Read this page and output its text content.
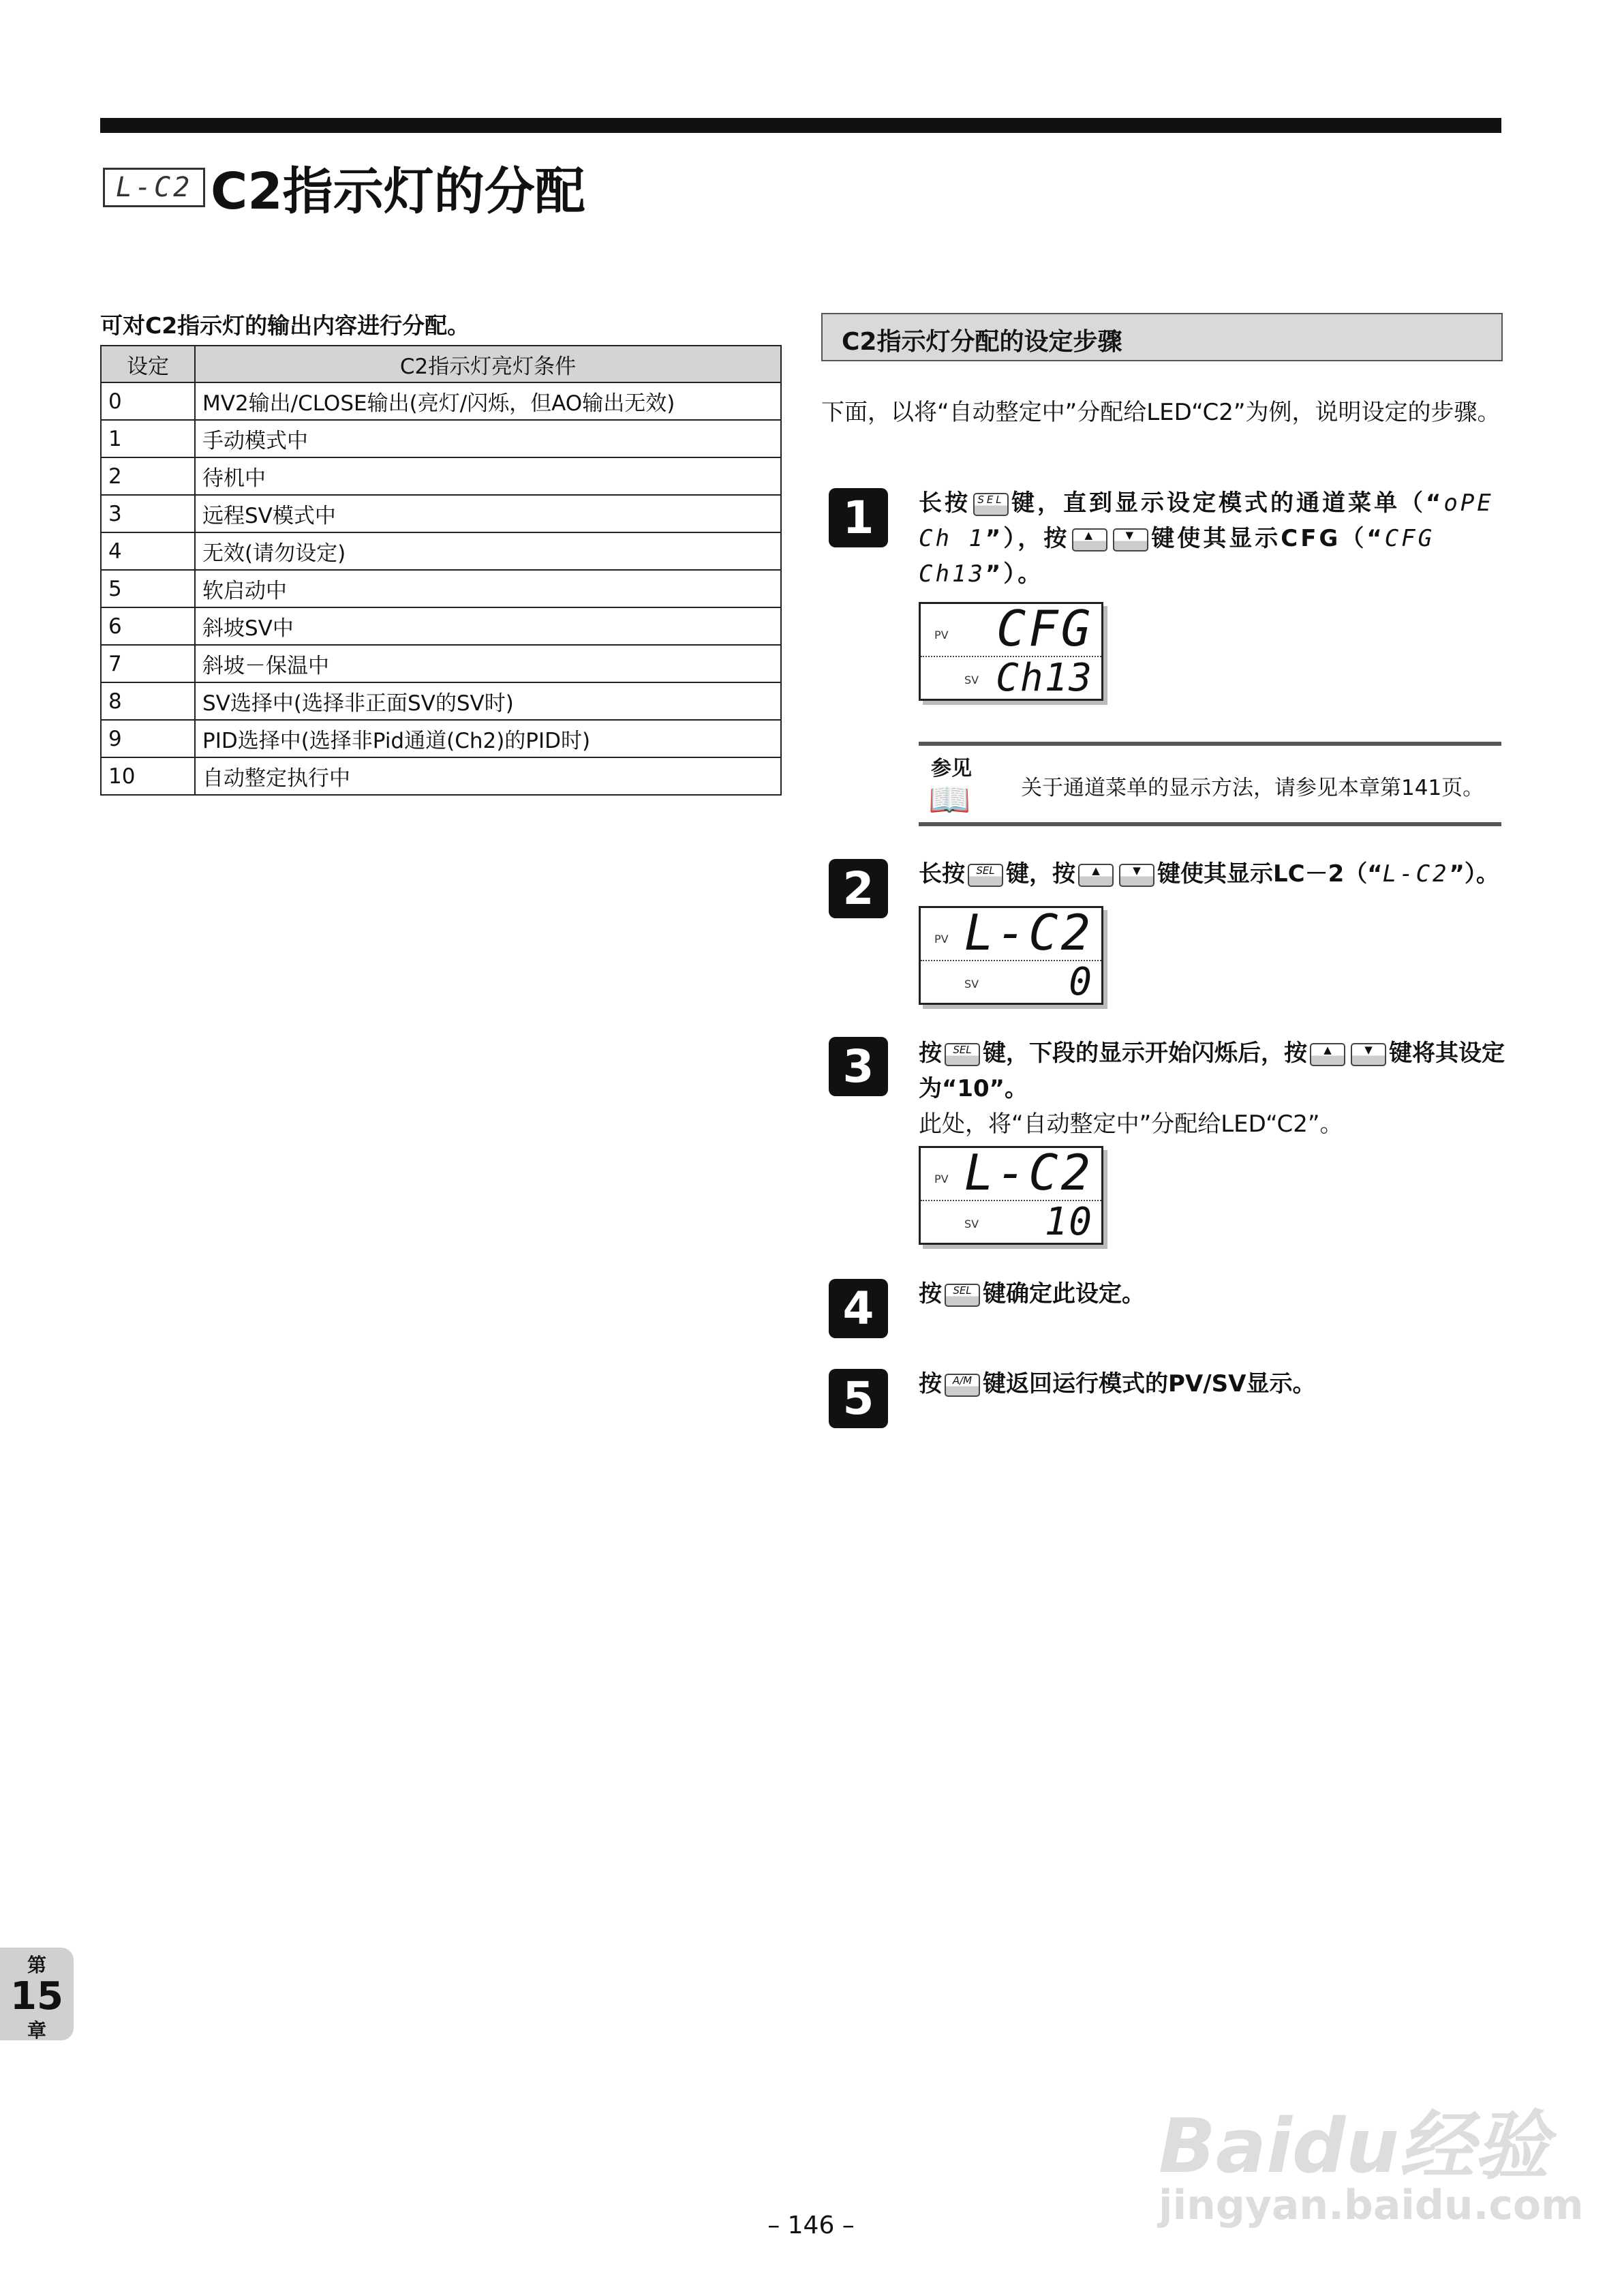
L-C2 C2指示灯的分配
可对C2指示灯的输出内容进行分配。
设定	C2指示灯亮灯条件
0	MV2输出/CLOSE输出(亮灯/闪烁，但AO输出无效)
1	手动模式中
2	待机中
3	远程SV模式中
4	无效(请勿设定)
5	软启动中
6	斜坡SV中
7	斜坡－保温中
8	SV选择中(选择非正面SV的SV时)
9	PID选择中(选择非Pid通道(Ch2)的PID时)
10	自动整定执行中
C2指示灯分配的设定步骤
下面，以将“自动整定中”分配给LED“C2”为例，说明设定的步骤。
1	长按 SEL 键，直到显示设定模式的通道菜单（“oPE Ch 1”），按 ▲	▼ 键使其显示CFG（“CFG Ch13”）。
PV CFG
SV Ch13
参见
📖 关于通道菜单的显示方法，请参见本章第141页。
2	长按 SEL 键，按 ▲	▼ 键使其显示LC－2（“L-C2”）。
PV L-C2
SV 0
3	按 SEL 键，下段的显示开始闪烁后，按 ▲	▼ 键将其设定为“10”。
此处，将“自动整定中”分配给LED“C2”。
PV L-C2
SV 10
4	按 SEL 键确定此设定。
5	按 A/M 键返回运行模式的PV/SV显示。
第
15
章
Baidu经验
jingyan.baidu.com
– 146 –
